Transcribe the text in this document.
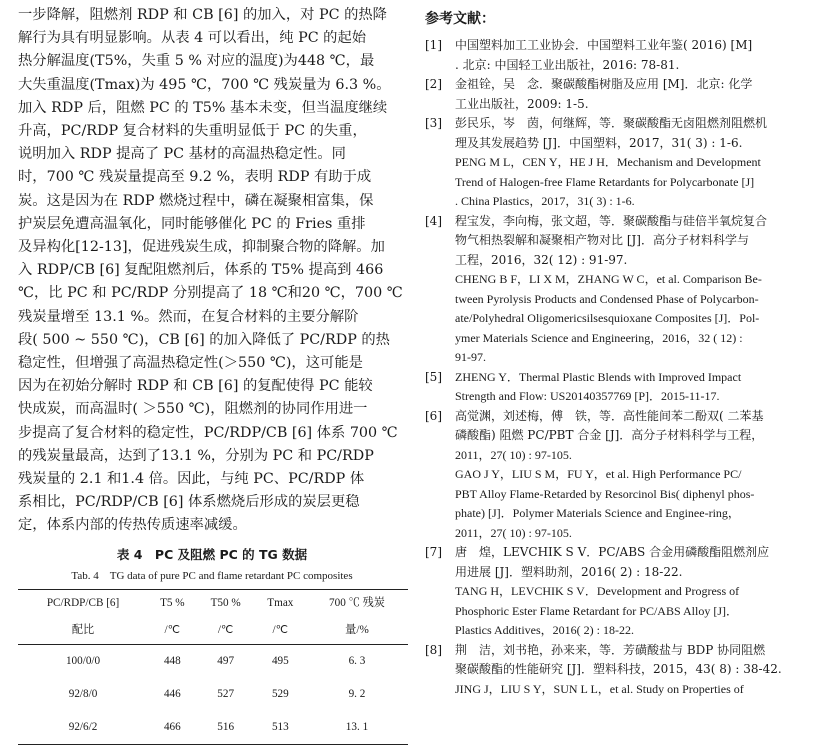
一步降解，阻燃剂 RDP 和 CB [6] 的加入，对 PC 的热降
解行为具有明显影响。从表 4 可以看出，纯 PC 的起始
热分解温度(T5%，失重 5 % 对应的温度)为448 ℃，最
大失重温度(Tmax)为 495 ℃，700 ℃ 残炭量为 6.3 %。
加入 RDP 后，阻燃 PC 的 T5% 基本未变，但当温度继续
升高，PC/RDP 复合材料的失重明显低于 PC 的失重，
说明加入 RDP 提高了 PC 基材的高温热稳定性。同
时，700 ℃ 残炭量提高至 9.2 %，表明 RDP 有助于成
炭。这是因为在 RDP 燃烧过程中，磷在凝聚相富集，保
护炭层免遭高温氧化，同时能够催化 PC 的 Fries 重排
及异构化[12-13]，促进残炭生成，抑制聚合物的降解。加
入 RDP/CB [6] 复配阻燃剂后，体系的 T5% 提高到 466
℃，比 PC 和 PC/RDP 分别提高了 18 ℃和20 ℃，700 ℃
残炭量增至 13.1 %。然而，在复合材料的主要分解阶
段( 500 ~ 550 ℃)，CB [6] 的加入降低了 PC/RDP 的热
稳定性，但增强了高温热稳定性(＞550 ℃)，这可能是
因为在初始分解时 RDP 和 CB [6] 的复配使得 PC 能较
快成炭，而高温时( ＞550 ℃)，阻燃剂的协同作用进一
步提高了复合材料的稳定性，PC/RDP/CB [6] 体系 700 ℃
的残炭量最高，达到了13.1 %，分别为 PC 和 PC/RDP
残炭量的 2.1 和1.4 倍。因此，与纯 PC、PC/RDP 体
系相比，PC/RDP/CB [6] 体系燃烧后形成的炭层更稳
定，体系内部的传热传质速率减缓。
表 4　PC 及阻燃 PC 的 TG 数据
Tab. 4　TG data of pure PC and flame retardant PC composites
PC/RDP/CB [6]	T5 %	T50 %	Tmax	700 ℃ 残炭
配比	/℃	/℃	/℃	量/%
100/0/0	448	497	495	6. 3
92/8/0	446	527	529	9. 2
92/6/2	466	516	513	13. 1
参考文献：
[1]	中国塑料加工工业协会．中国塑料工业年鉴( 2016) [M]
. 北京: 中国轻工业出版社，2016: 78-81.
[2]	金祖铨，吴　念．聚碳酸酯树脂及应用 [M]．北京: 化学
工业出版社，2009: 1-5.
[3]	彭民乐，岑　茵，何继辉，等．聚碳酸酯无卤阻燃剂阻燃机
理及其发展趋势 [J]．中国塑料，2017，31( 3) : 1-6.
PENG M L，CEN Y，HE J H．Mechanism and Development
Trend of Halogen-free Flame Retardants for Polycarbonate [J]
. China Plastics，2017，31( 3) : 1-6.
[4]	程宝发，李向梅，张文超，等．聚碳酸酯与硅倍半氧烷复合
物气相热裂解和凝聚相产物对比 [J]．高分子材料科学与
工程，2016，32( 12) : 91-97.
CHENG B F，LI X M，ZHANG W C，et al. Comparison Be-
tween Pyrolysis Products and Condensed Phase of Polycarbon-
ate/Polyhedral Oligomericsilsesquioxane Composites [J]．Pol-
ymer Materials Science and Engineering，2016，32 ( 12) :
91-97.
[5]	ZHENG Y．Thermal Plastic Blends with Improved Impact
Strength and Flow: US20140357769 [P]．2015-11-17.
[6]	高觉渊，刘述梅，傅　铁，等．高性能间苯二酚双( 二苯基
磷酸酯) 阻燃 PC/PBT 合金 [J]．高分子材料科学与工程，
2011，27( 10) : 97-105.
GAO J Y，LIU S M，FU Y，et al. High Performance PC/
PBT Alloy Flame-Retarded by Resorcinol Bis( diphenyl phos-
phate) [J]．Polymer Materials Science and Enginee-ring，
2011，27( 10) : 97-105.
[7]	唐　煌，LEVCHIK S V．PC/ABS 合金用磷酸酯阻燃剂应
用进展 [J]．塑料助剂，2016( 2) : 18-22.
TANG H，LEVCHIK S V．Development and Progress of
Phosphoric Ester Flame Retardant for PC/ABS Alloy [J]．
Plastics Additives，2016( 2) : 18-22.
[8]	荆　洁，刘书艳，孙来来，等．芳磺酸盐与 BDP 协同阻燃
聚碳酸酯的性能研究 [J]．塑料科技，2015，43( 8) : 38-42.
JING J，LIU S Y，SUN L L，et al. Study on Properties of
